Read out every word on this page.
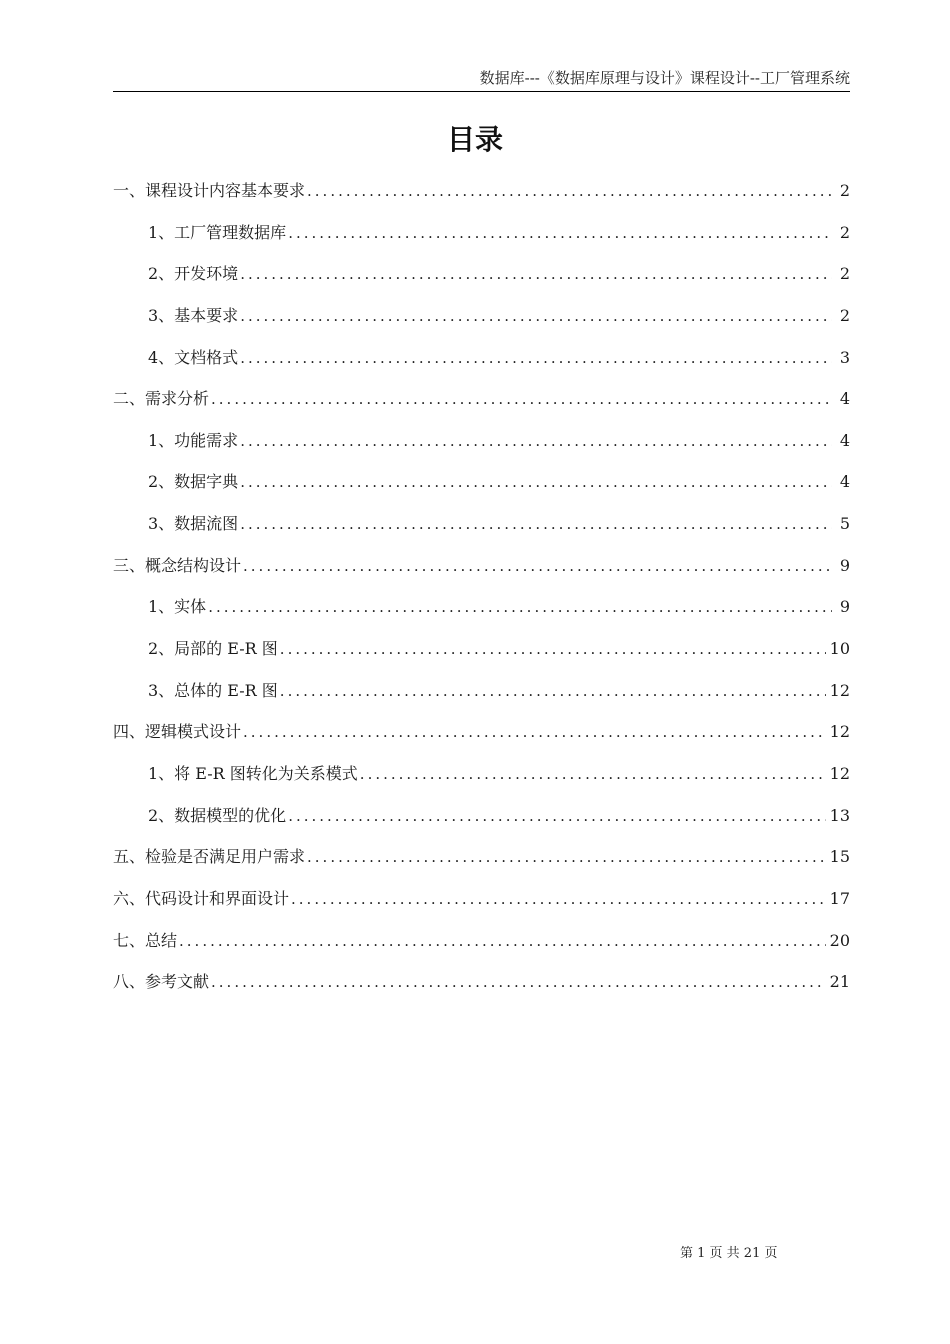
数据库---《数据库原理与设计》课程设计--工厂管理系统
目录
一、课程设计内容基本要求 .....	2
1、工厂管理数据库 .....	2
2、开发环境 .....	2
3、基本要求 .....	2
4、文档格式 .....	3
二、需求分析 .....	4
1、功能需求 .....	4
2、数据字典 .....	4
3、数据流图 .....	5
三、概念结构设计 .....	9
1、实体 .....	9
2、局部的 E-R 图 .....	10
3、总体的 E-R 图 .....	12
四、逻辑模式设计 .....	12
1、将 E-R 图转化为关系模式 .....	12
2、数据模型的优化 .....	13
五、检验是否满足用户需求 .....	15
六、代码设计和界面设计 .....	17
七、总结 .....	20
八、参考文献 .....	21
第 1 页 共 21 页
